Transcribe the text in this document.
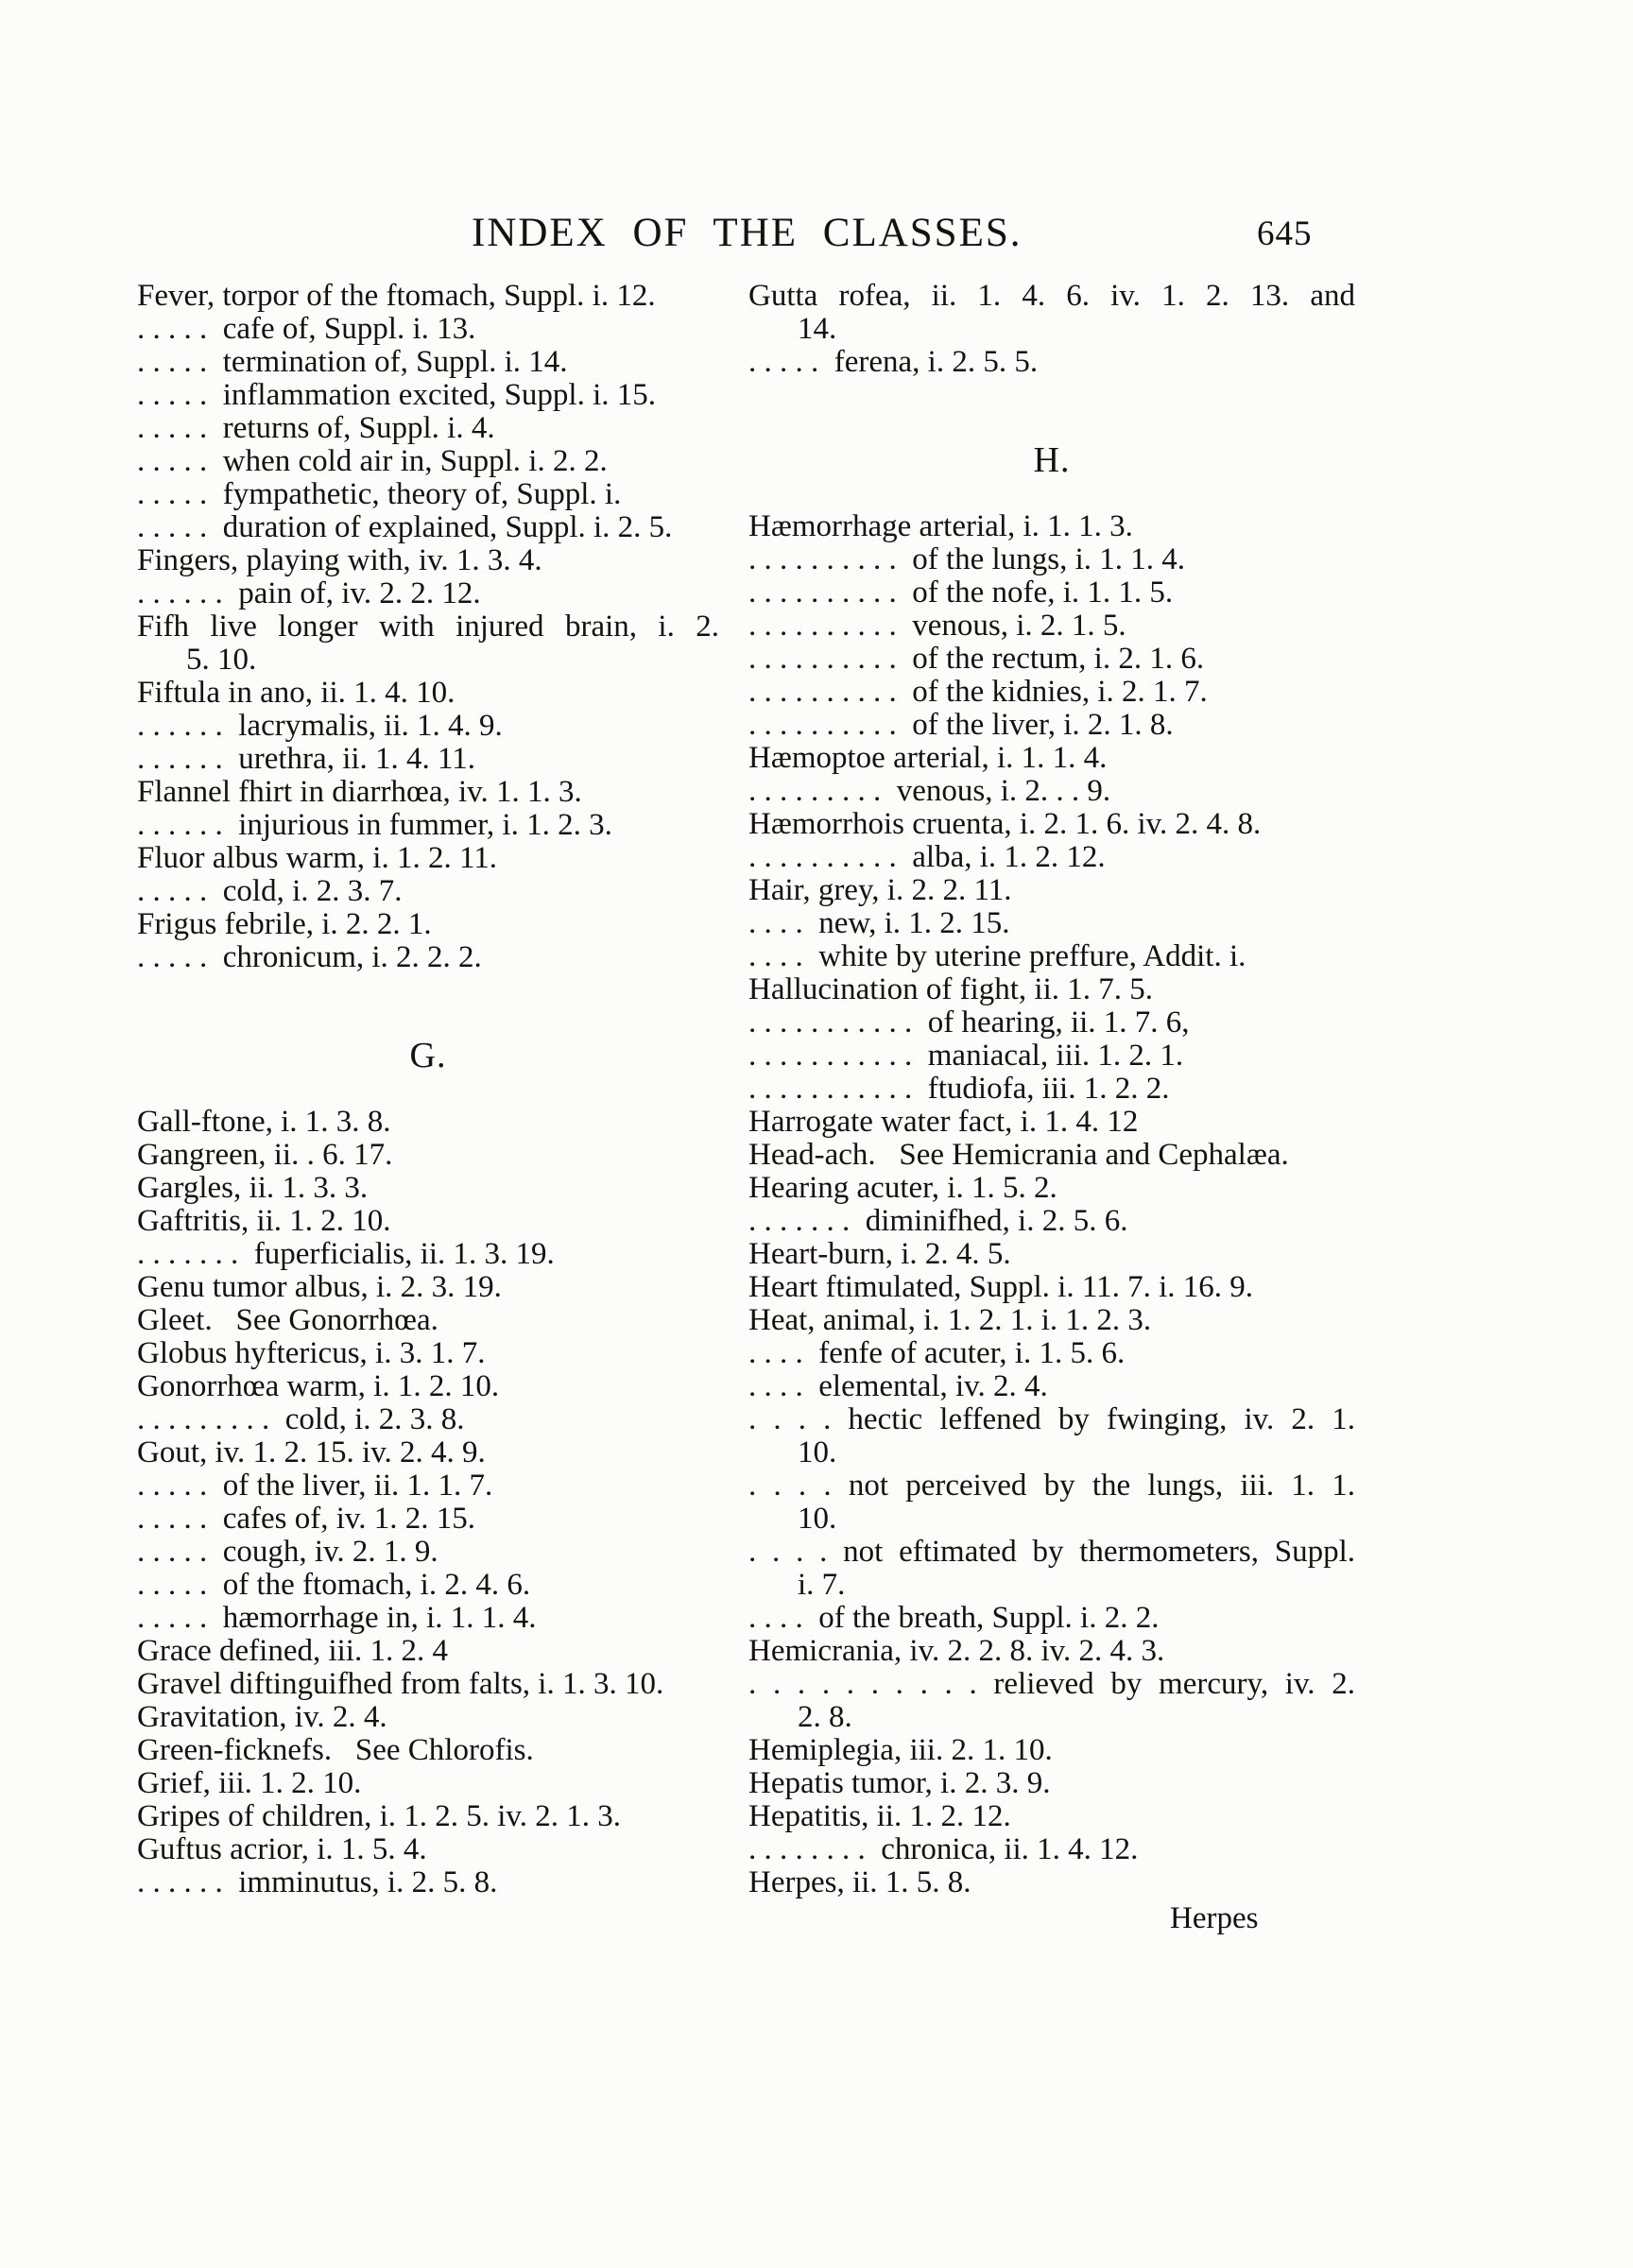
INDEX OF THE CLASSES.	645
Fever, torpor of the ftomach, Suppl. i. 12.
. . . . .  cafe of, Suppl. i. 13.
. . . . .  termination of, Suppl. i. 14.
. . . . .  inflammation excited, Suppl. i. 15.
. . . . .  returns of, Suppl. i. 4.
. . . . .  when cold air in, Suppl. i. 2. 2.
. . . . .  fympathetic, theory of, Suppl. i.
. . . . .  duration of explained, Suppl. i. 2. 5.
Fingers, playing with, iv. 1. 3. 4.
. . . . . .  pain of, iv. 2. 2. 12.
Fifh live longer with injured brain, i. 2.
5. 10.
Fiftula in ano, ii. 1. 4. 10.
. . . . . .  lacrymalis, ii. 1. 4. 9.
. . . . . .  urethra, ii. 1. 4. 11.
Flannel fhirt in diarrhœa, iv. 1. 1. 3.
. . . . . .  injurious in fummer, i. 1. 2. 3.
Fluor albus warm, i. 1. 2. 11.
. . . . .  cold, i. 2. 3. 7.
Frigus febrile, i. 2. 2. 1.
. . . . .  chronicum, i. 2. 2. 2.
G.
Gall-ftone, i. 1. 3. 8.
Gangreen, ii. . 6. 17.
Gargles, ii. 1. 3. 3.
Gaftritis, ii. 1. 2. 10.
. . . . . . .  fuperficialis, ii. 1. 3. 19.
Genu tumor albus, i. 2. 3. 19.
Gleet.   See Gonorrhœa.
Globus hyftericus, i. 3. 1. 7.
Gonorrhœa warm, i. 1. 2. 10.
. . . . . . . . .  cold, i. 2. 3. 8.
Gout, iv. 1. 2. 15. iv. 2. 4. 9.
. . . . .  of the liver, ii. 1. 1. 7.
. . . . .  cafes of, iv. 1. 2. 15.
. . . . .  cough, iv. 2. 1. 9.
. . . . .  of the ftomach, i. 2. 4. 6.
. . . . .  hæmorrhage in, i. 1. 1. 4.
Grace defined, iii. 1. 2. 4
Gravel diftinguifhed from falts, i. 1. 3. 10.
Gravitation, iv. 2. 4.
Green-ficknefs.   See Chlorofis.
Grief, iii. 1. 2. 10.
Gripes of children, i. 1. 2. 5. iv. 2. 1. 3.
Guftus acrior, i. 1. 5. 4.
. . . . . .  imminutus, i. 2. 5. 8.
Gutta rofea, ii. 1. 4. 6. iv. 1. 2. 13. and
14.
. . . . .  ferena, i. 2. 5. 5.
H.
Hæmorrhage arterial, i. 1. 1. 3.
. . . . . . . . . .  of the lungs, i. 1. 1. 4.
. . . . . . . . . .  of the nofe, i. 1. 1. 5.
. . . . . . . . . .  venous, i. 2. 1. 5.
. . . . . . . . . .  of the rectum, i. 2. 1. 6.
. . . . . . . . . .  of the kidnies, i. 2. 1. 7.
. . . . . . . . . .  of the liver, i. 2. 1. 8.
Hæmoptoe arterial, i. 1. 1. 4.
. . . . . . . . .  venous, i. 2. . . 9.
Hæmorrhois cruenta, i. 2. 1. 6. iv. 2. 4. 8.
. . . . . . . . . .  alba, i. 1. 2. 12.
Hair, grey, i. 2. 2. 11.
. . . .  new, i. 1. 2. 15.
. . . .  white by uterine preffure, Addit. i.
Hallucination of fight, ii. 1. 7. 5.
. . . . . . . . . . .  of hearing, ii. 1. 7. 6,
. . . . . . . . . . .  maniacal, iii. 1. 2. 1.
. . . . . . . . . . .  ftudiofa, iii. 1. 2. 2.
Harrogate water fact, i. 1. 4. 12
Head-ach.   See Hemicrania and Cephalæa.
Hearing acuter, i. 1. 5. 2.
. . . . . . .  diminifhed, i. 2. 5. 6.
Heart-burn, i. 2. 4. 5.
Heart ftimulated, Suppl. i. 11. 7. i. 16. 9.
Heat, animal, i. 1. 2. 1. i. 1. 2. 3.
. . . .  fenfe of acuter, i. 1. 5. 6.
. . . .  elemental, iv. 2. 4.
. . . . hectic leffened by fwinging, iv. 2. 1.
10.
. . . . not perceived by the lungs, iii. 1. 1.
10.
. . . . not eftimated by thermometers, Suppl.
i. 7.
. . . .  of the breath, Suppl. i. 2. 2.
Hemicrania, iv. 2. 2. 8. iv. 2. 4. 3.
. . . . . . . . . . relieved by mercury, iv. 2.
2. 8.
Hemiplegia, iii. 2. 1. 10.
Hepatis tumor, i. 2. 3. 9.
Hepatitis, ii. 1. 2. 12.
. . . . . . . .  chronica, ii. 1. 4. 12.
Herpes, ii. 1. 5. 8.
Herpes
